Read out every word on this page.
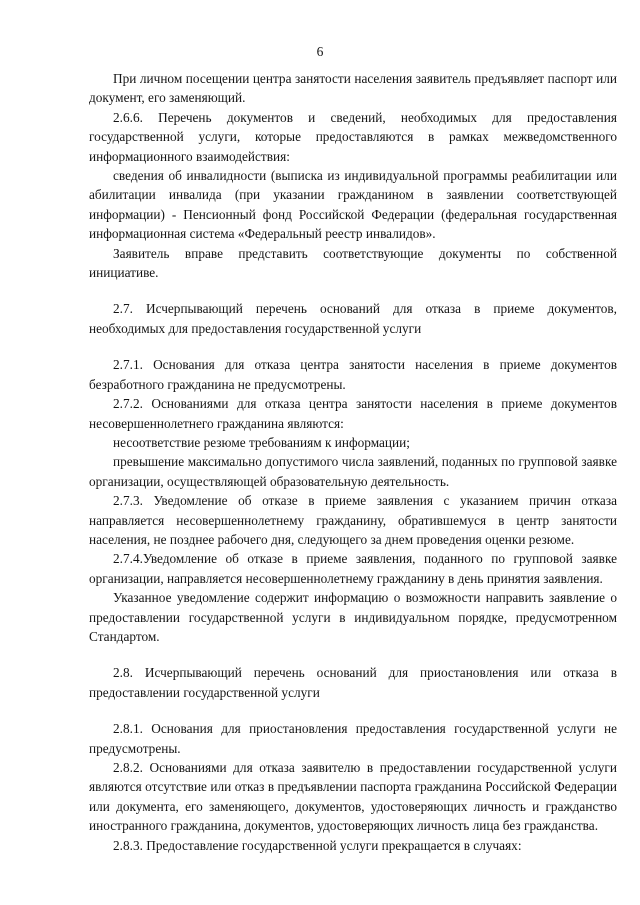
6

При личном посещении центра занятости населения заявитель предъявляет паспорт или документ, его заменяющий.

2.6.6. Перечень документов и сведений, необходимых для предоставления государственной услуги, которые предоставляются в рамках межведомственного информационного взаимодействия:

сведения об инвалидности (выписка из индивидуальной программы реабилитации или абилитации инвалида (при указании гражданином в заявлении соответствующей информации) - Пенсионный фонд Российской Федерации (федеральная государственная информационная система «Федеральный реестр инвалидов».

Заявитель вправе представить соответствующие документы по собственной инициативе.

2.7. Исчерпывающий перечень оснований для отказа в приеме документов, необходимых для предоставления государственной услуги

2.7.1. Основания для отказа центра занятости населения в приеме документов безработного гражданина не предусмотрены.

2.7.2. Основаниями для отказа центра занятости населения в приеме документов несовершеннолетнего гражданина являются:

несоответствие резюме требованиям к информации;

превышение максимально допустимого числа заявлений, поданных по групповой заявке организации, осуществляющей образовательную деятельность.

2.7.3. Уведомление об отказе в приеме заявления с указанием причин отказа направляется несовершеннолетнему гражданину, обратившемуся в центр занятости населения, не позднее рабочего дня, следующего за днем проведения оценки резюме.

2.7.4.Уведомление об отказе в приеме заявления, поданного по групповой заявке организации, направляется несовершеннолетнему гражданину в день принятия заявления.

Указанное уведомление содержит информацию о возможности направить заявление о предоставлении государственной услуги в индивидуальном порядке, предусмотренном Стандартом.

2.8. Исчерпывающий перечень оснований для приостановления или отказа в предоставлении государственной услуги

2.8.1. Основания для приостановления предоставления государственной услуги не предусмотрены.

2.8.2. Основаниями для отказа заявителю в предоставлении государственной услуги являются отсутствие или отказ в предъявлении паспорта гражданина Российской Федерации или документа, его заменяющего, документов, удостоверяющих личность и гражданство иностранного гражданина, документов, удостоверяющих личность лица без гражданства.

2.8.3. Предоставление государственной услуги прекращается в случаях:
